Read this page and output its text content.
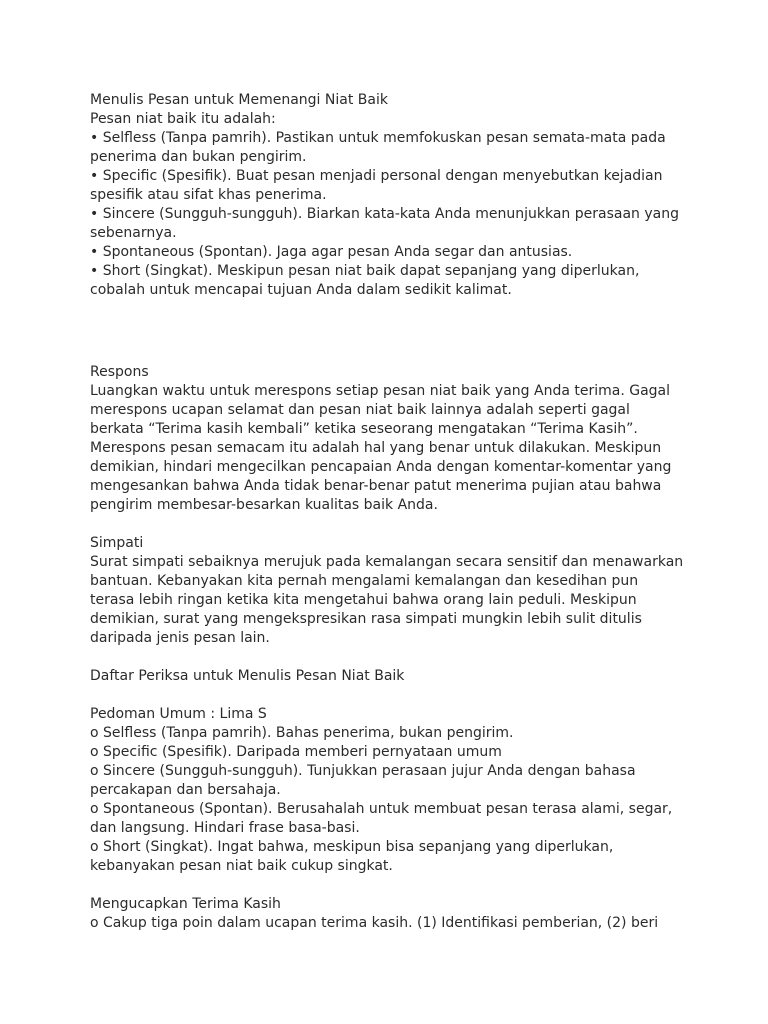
Menulis Pesan untuk Memenangi Niat Baik
Pesan niat baik itu adalah:
• Selfless (Tanpa pamrih). Pastikan untuk memfokuskan pesan semata-mata pada
penerima dan bukan pengirim.
• Specific (Spesifik). Buat pesan menjadi personal dengan menyebutkan kejadian
spesifik atau sifat khas penerima.
• Sincere (Sungguh-sungguh). Biarkan kata-kata Anda menunjukkan perasaan yang
sebenarnya.
• Spontaneous (Spontan). Jaga agar pesan Anda segar dan antusias.
• Short (Singkat). Meskipun pesan niat baik dapat sepanjang yang diperlukan,
cobalah untuk mencapai tujuan Anda dalam sedikit kalimat.
Respons
Luangkan waktu untuk merespons setiap pesan niat baik yang Anda terima. Gagal
merespons ucapan selamat dan pesan niat baik lainnya adalah seperti gagal
berkata “Terima kasih kembali” ketika seseorang mengatakan “Terima Kasih”.
Merespons pesan semacam itu adalah hal yang benar untuk dilakukan. Meskipun
demikian, hindari mengecilkan pencapaian Anda dengan komentar-komentar yang
mengesankan bahwa Anda tidak benar-benar patut menerima pujian atau bahwa
pengirim membesar-besarkan kualitas baik Anda.
Simpati
Surat simpati sebaiknya merujuk pada kemalangan secara sensitif dan menawarkan
bantuan. Kebanyakan kita pernah mengalami kemalangan dan kesedihan pun
terasa lebih ringan ketika kita mengetahui bahwa orang lain peduli. Meskipun
demikian, surat yang mengekspresikan rasa simpati mungkin lebih sulit ditulis
daripada jenis pesan lain.
Daftar Periksa untuk Menulis Pesan Niat Baik
Pedoman Umum : Lima S
o Selfless (Tanpa pamrih). Bahas penerima, bukan pengirim.
o Specific (Spesifik). Daripada memberi pernyataan umum
o Sincere (Sungguh-sungguh). Tunjukkan perasaan jujur Anda dengan bahasa
percakapan dan bersahaja.
o Spontaneous (Spontan). Berusahalah untuk membuat pesan terasa alami, segar,
dan langsung. Hindari frase basa-basi.
o Short (Singkat). Ingat bahwa, meskipun bisa sepanjang yang diperlukan,
kebanyakan pesan niat baik cukup singkat.
Mengucapkan Terima Kasih
o Cakup tiga poin dalam ucapan terima kasih. (1) Identifikasi pemberian, (2) beri
